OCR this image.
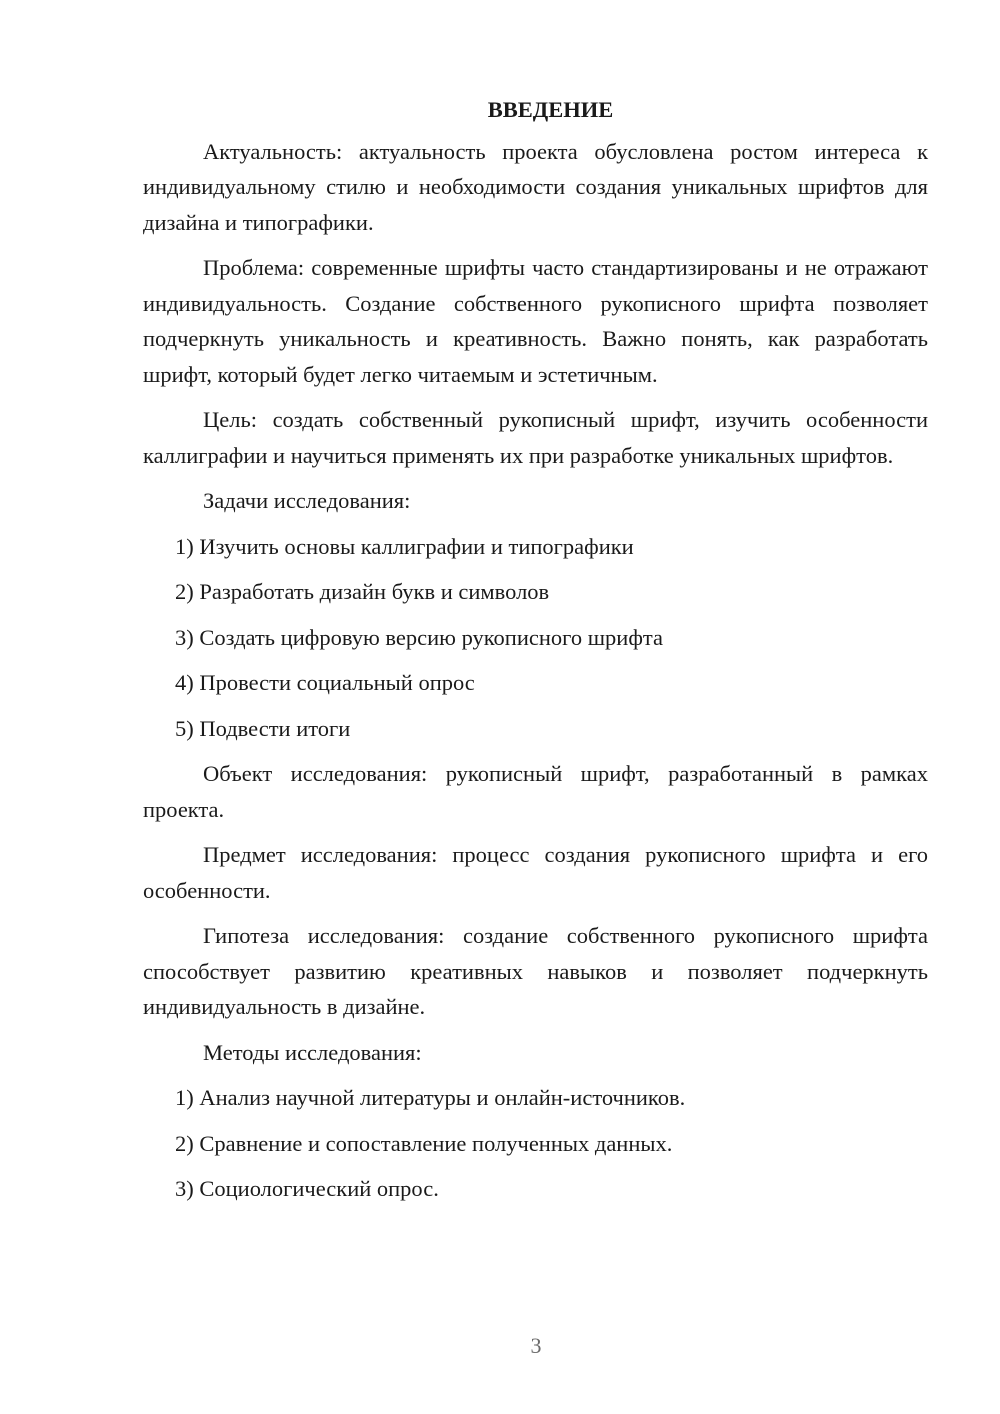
ВВЕДЕНИЕ

Актуальность: актуальность проекта обусловлена ростом интереса к индивидуальному стилю и необходимости создания уникальных шрифтов для дизайна и типографики.

Проблема: современные шрифты часто стандартизированы и не отражают индивидуальность. Создание собственного рукописного шрифта позволяет подчеркнуть уникальность и креативность. Важно понять, как разработать шрифт, который будет легко читаемым и эстетичным.

Цель: создать собственный рукописный шрифт, изучить особенности каллиграфии и научиться применять их при разработке уникальных шрифтов.

Задачи исследования:

1) Изучить основы каллиграфии и типографики

2) Разработать дизайн букв и символов

3) Создать цифровую версию рукописного шрифта

4) Провести социальный опрос

5) Подвести итоги

Объект исследования: рукописный шрифт, разработанный в рамках проекта.

Предмет исследования: процесс создания рукописного шрифта и его особенности.

Гипотеза исследования: создание собственного рукописного шрифта способствует развитию креативных навыков и позволяет подчеркнуть индивидуальность в дизайне.

Методы исследования:

1) Анализ научной литературы и онлайн-источников.

2) Сравнение и сопоставление полученных данных.

3) Социологический опрос.

3
